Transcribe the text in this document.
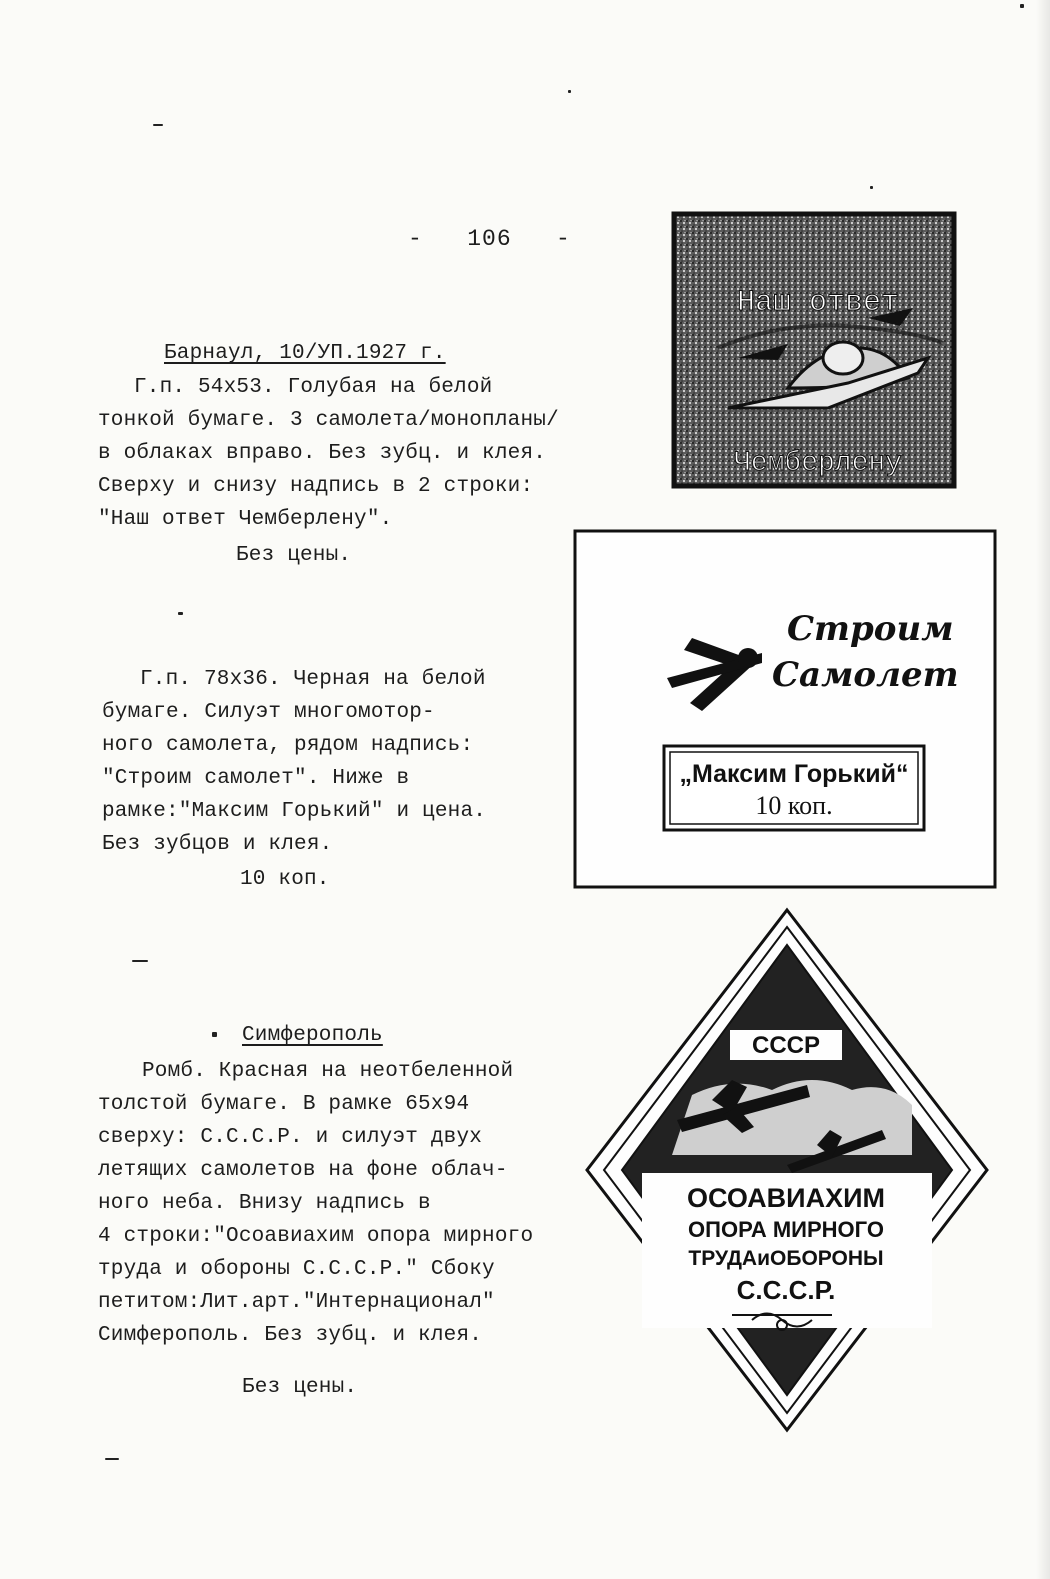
-   106   -
Барнаул, 10/УП.1927 г.
Г.п. 54х53. Голубая на белой
тонкой бумаге. 3 самолета/монопланы/
в облаках вправо. Без зубц. и клея.
Сверху и снизу надпись в 2 строки:
"Наш ответ Чемберлену".
Без цены.
Г.п. 78х36. Черная на белой
бумаге. Силуэт многомотор-
ного самолета, рядом надпись:
"Строим самолет". Ниже в
рамке:"Максим Горький" и цена.
Без зубцов и клея.
10 коп.
Симферополь
Ромб. Красная на неотбеленной
толстой бумаге. В рамке 65х94
сверху: С.С.С.Р. и силуэт двух
летящих самолетов на фоне облач-
ного неба. Внизу надпись в
4 строки:"Осоавиахим опора мирного
труда и обороны С.С.С.Р." Сбоку
петитом:Лит.арт."Интернационал"
Симферополь. Без зубц. и клея.
Без цены.
Наш ответ
Чемберлену
Строим
Самолет
„Максим Горький“
10 коп.
СССР
ОСОАВИАХИМ
ОПОРА МИРНОГО
ТРУДАиОБОРОНЫ
С.С.С.Р.
